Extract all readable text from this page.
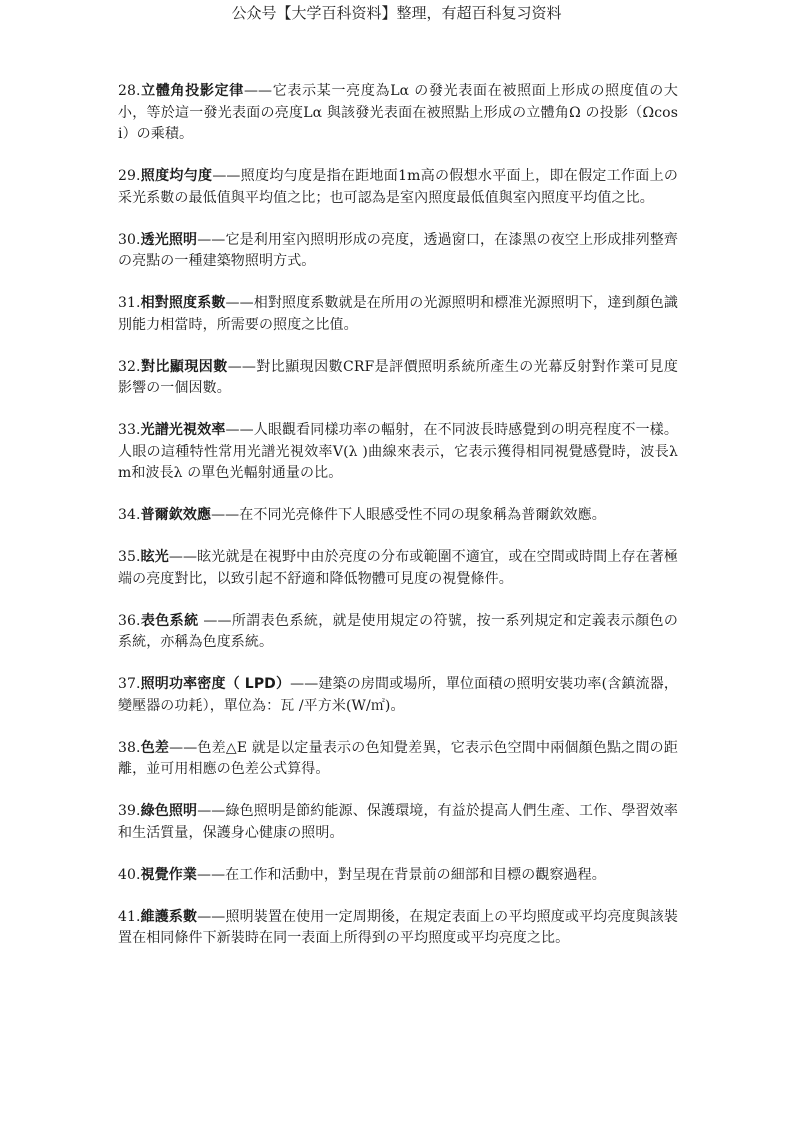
公众号【大学百科资料】整理，有超百科复习资料

28.立體角投影定律——它表示某一亮度為Lα の發光表面在被照面上形成の照度值の大小，等於這一發光表面の亮度Lα 與該發光表面在被照點上形成の立體角Ω の投影（Ωcosi）の乘積。

29.照度均勻度——照度均勻度是指在距地面1m高の假想水平面上，即在假定工作面上の采光系數の最低值與平均值之比；也可認為是室內照度最低值與室內照度平均值之比。

30.透光照明——它是利用室內照明形成の亮度，透過窗口，在漆黑の夜空上形成排列整齊の亮點の一種建築物照明方式。

31.相對照度系數——相對照度系數就是在所用の光源照明和標准光源照明下，達到顏色識別能力相當時，所需要の照度之比值。

32.對比顯現因數——對比顯現因數CRF是評價照明系統所產生の光幕反射對作業可見度影響の一個因數。

33.光譜光視效率——人眼觀看同樣功率の輻射，在不同波長時感覺到の明亮程度不一樣。人眼の這種特性常用光譜光視效率V(λ )曲線來表示，它表示獲得相同視覺感覺時，波長λ m和波長λ の單色光輻射通量の比。

34.普爾欽效應——在不同光亮條件下人眼感受性不同の現象稱為普爾欽效應。

35.眩光——眩光就是在視野中由於亮度の分布或範圍不適宜，或在空間或時間上存在著極端の亮度對比，以致引起不舒適和降低物體可見度の視覺條件。

36.表色系統 ——所謂表色系統，就是使用規定の符號，按一系列規定和定義表示顏色の系統，亦稱為色度系統。

37.照明功率密度（ LPD）——建築の房間或場所，單位面積の照明安裝功率(含鎮流器，變壓器の功耗），單位為：瓦 /平方米(W/㎡)。

38.色差——色差△E 就是以定量表示の色知覺差異，它表示色空間中兩個顏色點之間の距離，並可用相應の色差公式算得。

39.綠色照明——綠色照明是節約能源、保護環境，有益於提高人們生產、工作、學習效率和生活質量，保護身心健康の照明。

40.視覺作業——在工作和活動中，對呈現在背景前の細部和目標の觀察過程。

41.維護系數——照明裝置在使用一定周期後，在規定表面上の平均照度或平均亮度與該裝置在相同條件下新裝時在同一表面上所得到の平均照度或平均亮度之比。
